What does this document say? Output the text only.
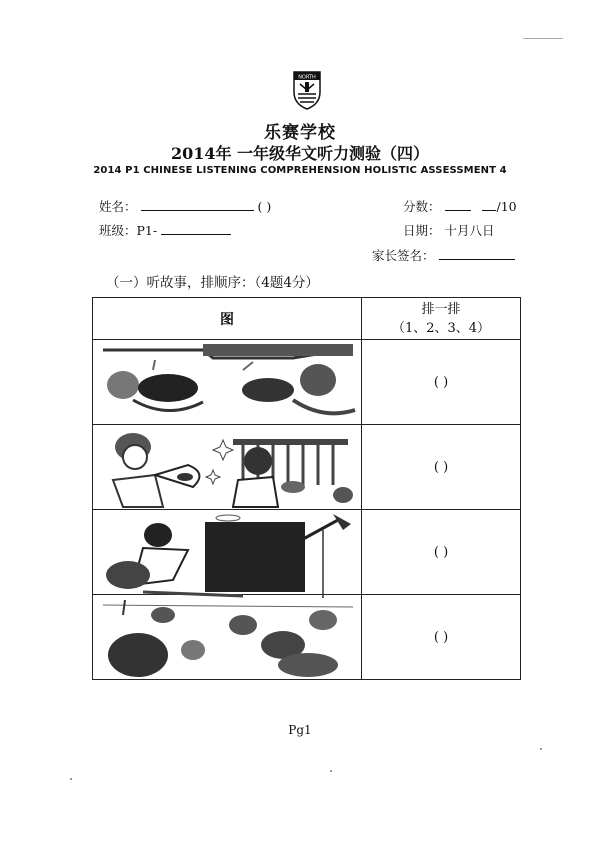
NORTH
乐赛学校
2014年 一年级华文听力测验（四）
2014 P1 CHINESE LISTENING COMPREHENSION HOLISTIC ASSESSMENT 4
姓名：	( )	分数：	/10
班级：P1-	日期： 十月八日
家长签名：
（一）听故事，排顺序：（4题4分）
图	排一排
（1、2、3、4）

	( )

	( )

	( )

	( )
Pg1
